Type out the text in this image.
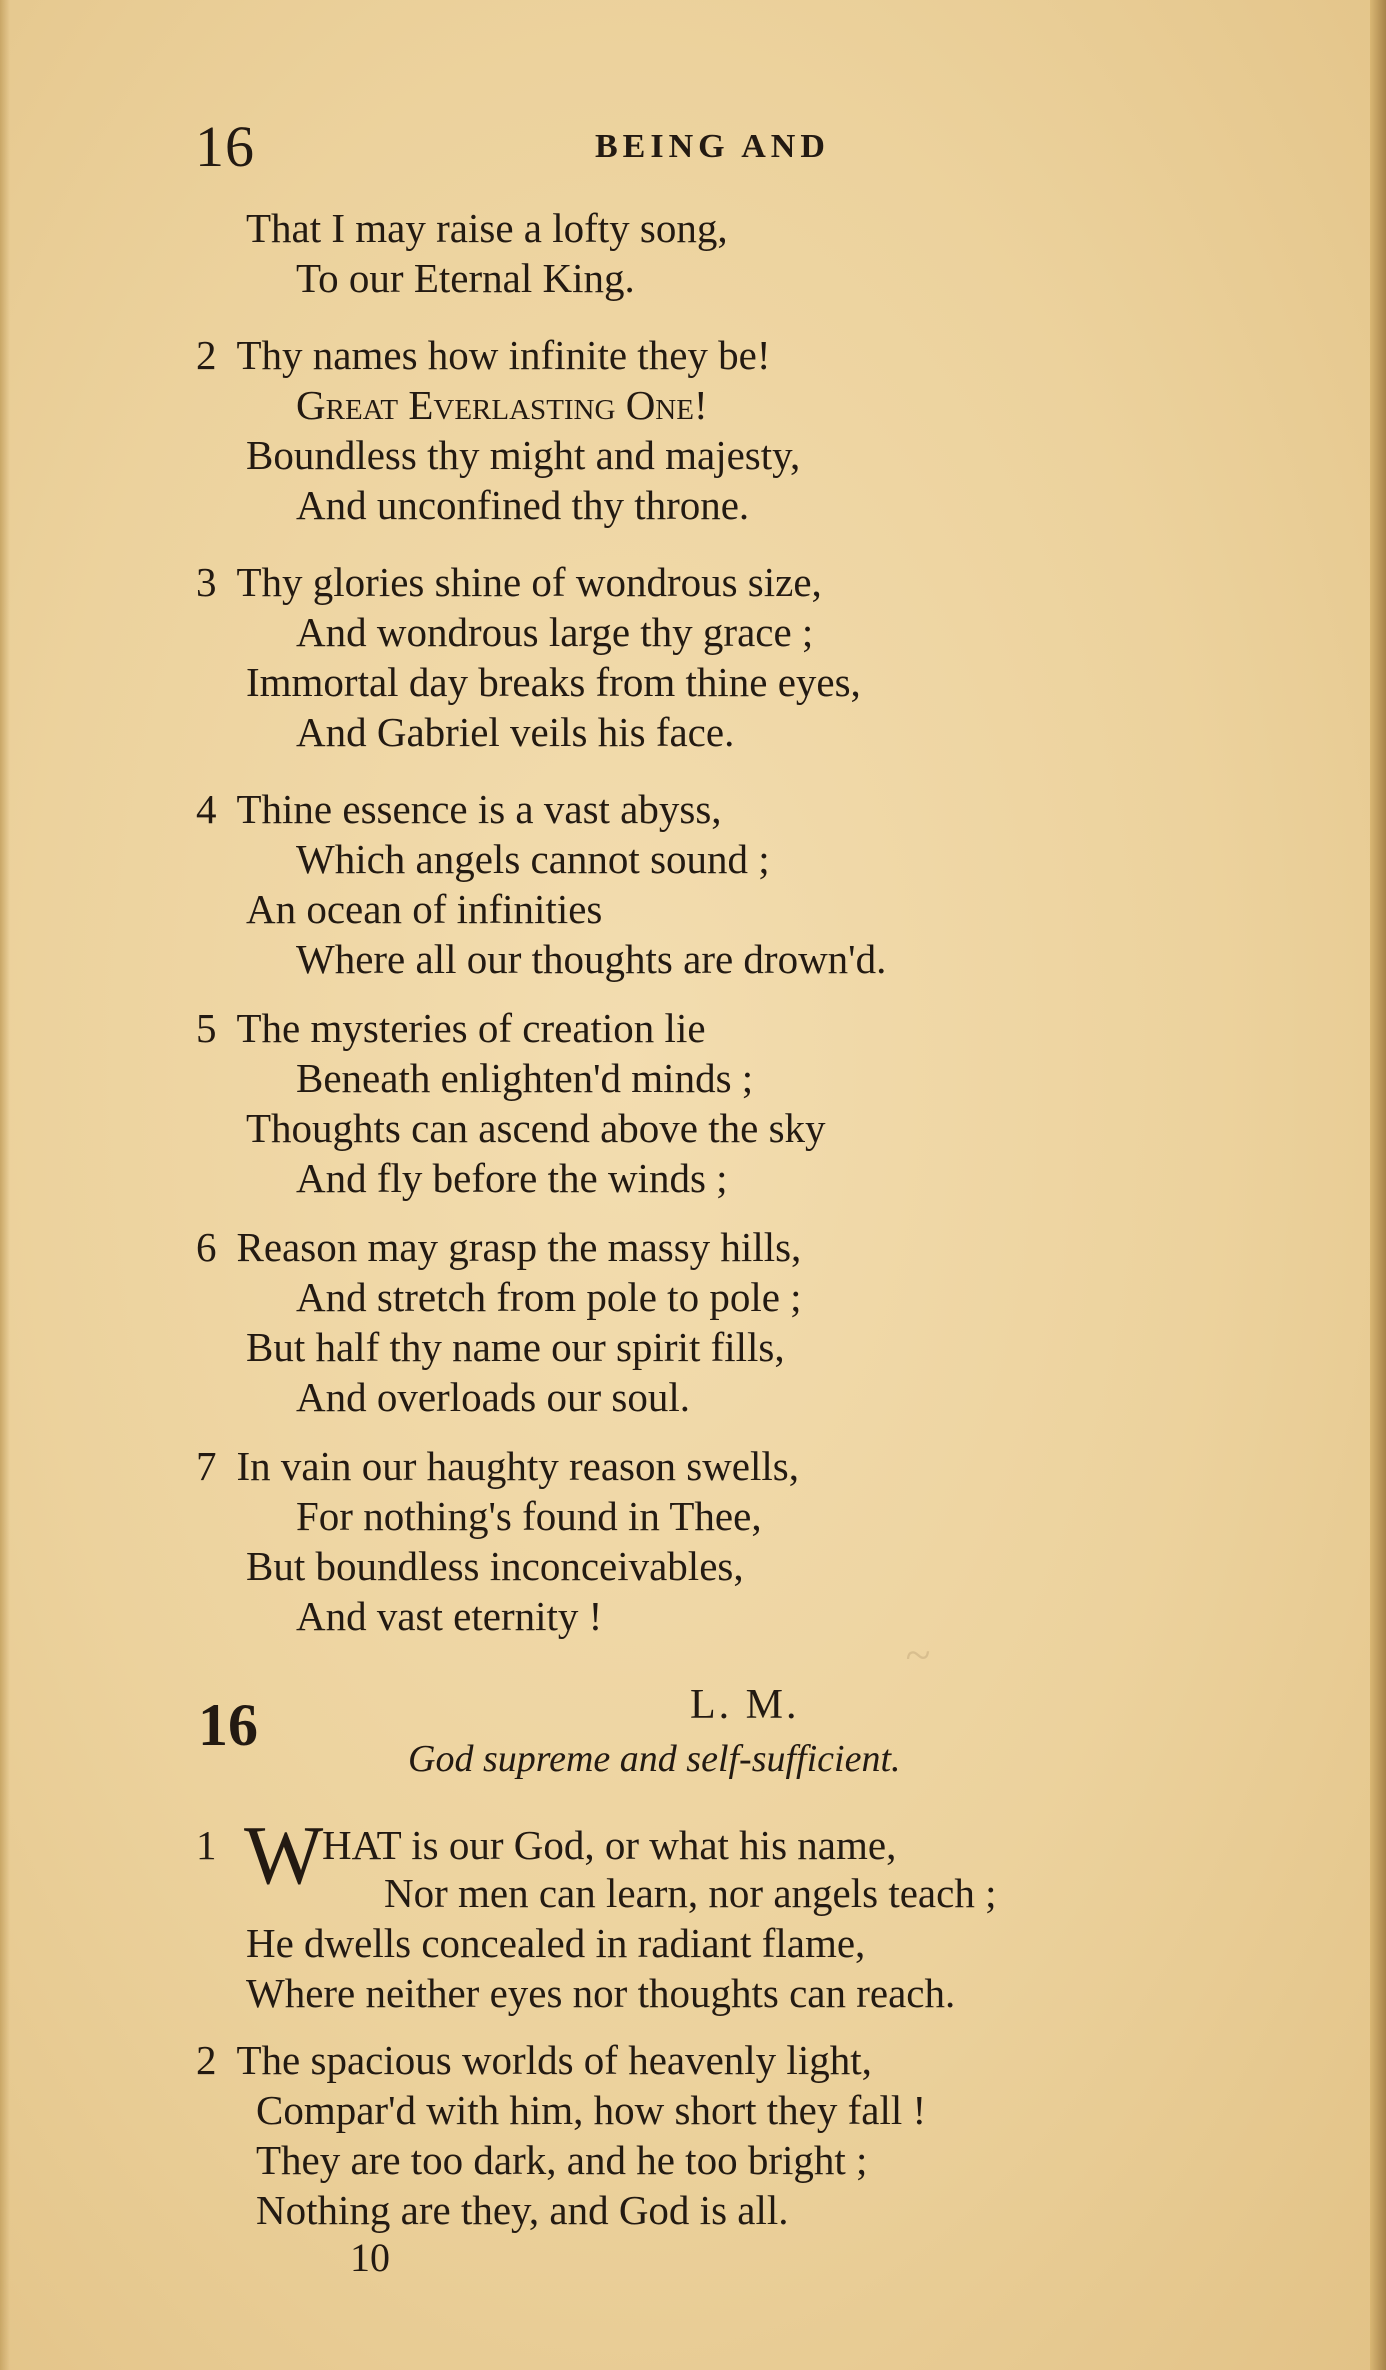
16	BEING AND
That I may raise a lofty song,
To our Eternal King.
2 Thy names how infinite they be!
Great Everlasting One!
Boundless thy might and majesty,
And unconfined thy throne.
3 Thy glories shine of wondrous size,
And wondrous large thy grace ;
Immortal day breaks from thine eyes,
And Gabriel veils his face.
4 Thine essence is a vast abyss,
Which angels cannot sound ;
An ocean of infinities
Where all our thoughts are drown'd.
5 The mysteries of creation lie
Beneath enlighten'd minds ;
Thoughts can ascend above the sky
And fly before the winds ;
6 Reason may grasp the massy hills,
And stretch from pole to pole ;
But half thy name our spirit fills,
And overloads our soul.
7 In vain our haughty reason swells,
For nothing's found in Thee,
But boundless inconceivables,
And vast eternity !
~
16	L. M.
God supreme and self-sufficient.
1 W
HAT is our God, or what his name,
Nor men can learn, nor angels teach ;
He dwells concealed in radiant flame,
Where neither eyes nor thoughts can reach.
2 The spacious worlds of heavenly light,
Compar'd with him, how short they fall !
They are too dark, and he too bright ;
Nothing are they, and God is all.
10
